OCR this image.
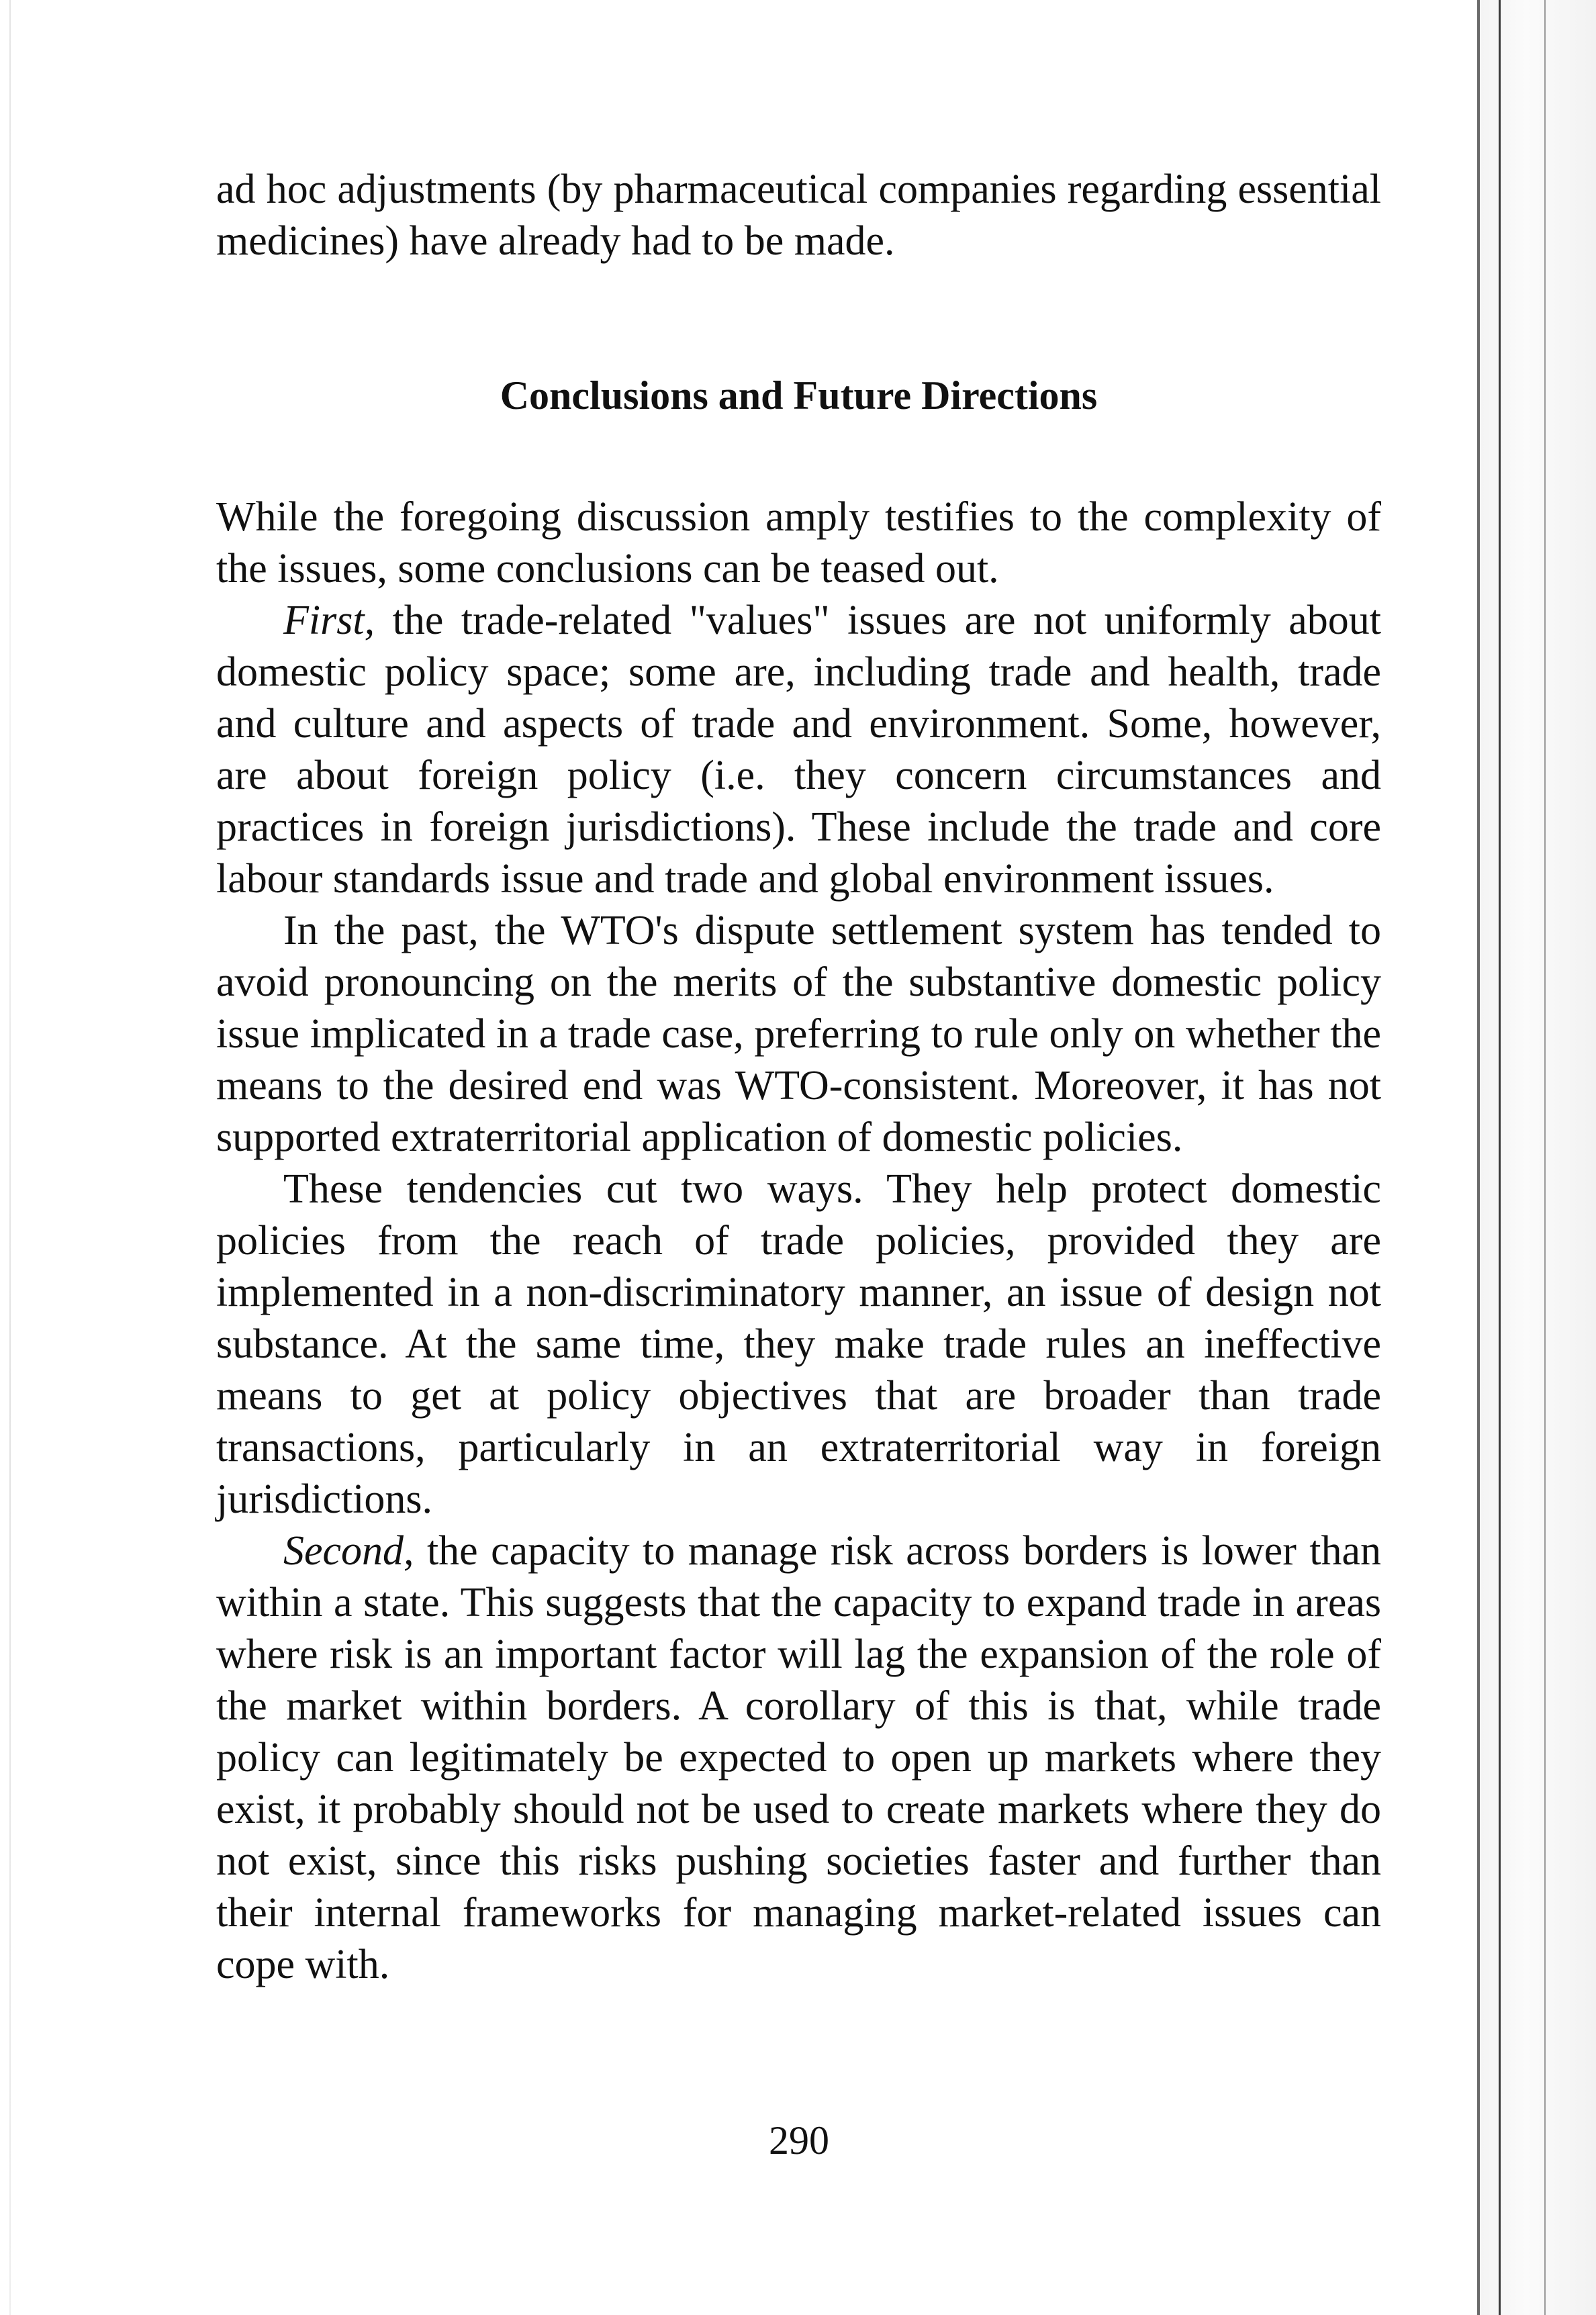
ad hoc adjustments (by pharmaceutical companies regarding essential medicines) have already had to be made.

Conclusions and Future Directions

While the foregoing discussion amply testifies to the complexity of the issues, some conclusions can be teased out.

First, the trade-related "values" issues are not uniformly about domestic policy space; some are, including trade and health, trade and culture and aspects of trade and environment. Some, however, are about foreign policy (i.e. they concern circumstances and practices in foreign jurisdictions). These include the trade and core labour standards issue and trade and global environment issues.

In the past, the WTO's dispute settlement system has tended to avoid pronouncing on the merits of the substantive domestic policy issue implicated in a trade case, preferring to rule only on whether the means to the desired end was WTO-consistent. Moreover, it has not supported extraterritorial application of domestic policies.

These tendencies cut two ways. They help protect domestic policies from the reach of trade policies, provided they are implemented in a non-discriminatory manner, an issue of design not substance. At the same time, they make trade rules an ineffective means to get at policy objectives that are broader than trade transactions, particularly in an extraterritorial way in foreign jurisdictions.

Second, the capacity to manage risk across borders is lower than within a state. This suggests that the capacity to expand trade in areas where risk is an important factor will lag the expansion of the role of the market within borders. A corollary of this is that, while trade policy can legitimately be expected to open up markets where they exist, it probably should not be used to create markets where they do not exist, since this risks pushing societies faster and further than their internal frameworks for managing market-related issues can cope with.

290
